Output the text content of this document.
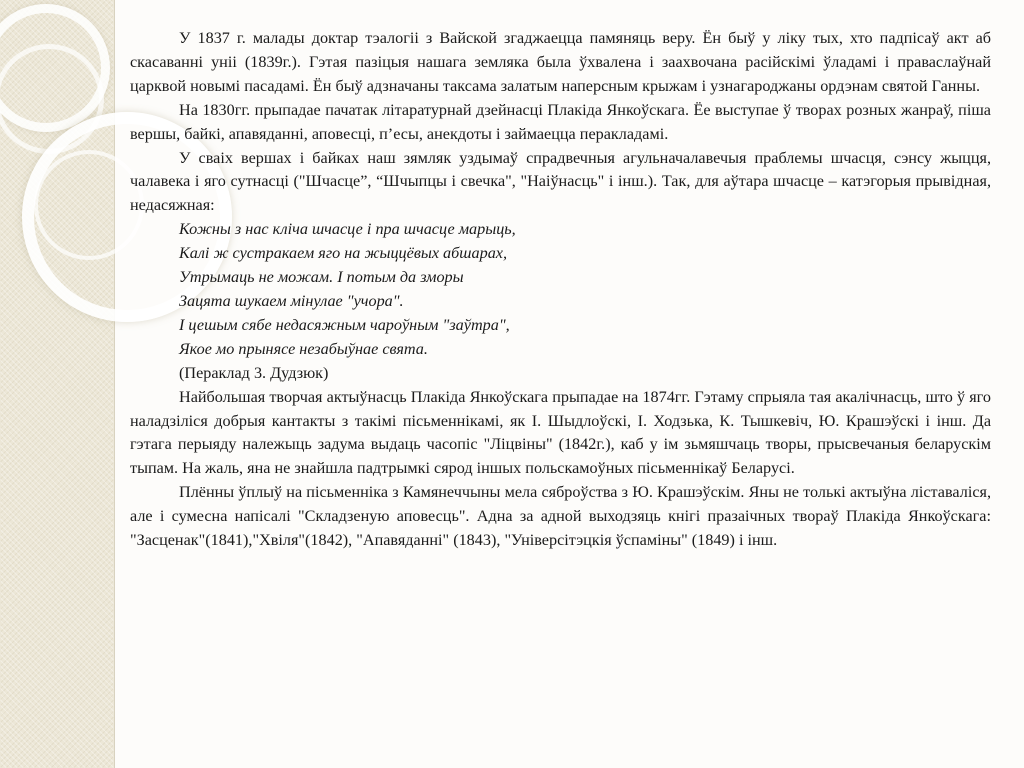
У 1837 г. малады доктар тэалогіі з Вайской згаджаецца памяняць веру. Ён быў у ліку тых, хто падпісаў акт аб скасаванні уніі (1839г.). Гэтая пазіцыя нашага земляка была ўхвалена і заахвочана расійскімі ўладамі і праваслаўнай царквой новымі пасадамі. Ён быў адзначаны таксама залатым наперсным крыжам і узнагароджаны ордэнам святой Ганны.

На 1830гг. прыпадае пачатак літаратурнай дзейнасці Плакіда Янкоўскага. Ёе выступае ў творах розных жанраў, піша вершы, байкі, апавяданні, аповесці, п’есы, анекдоты і займаецца перакладамі.

У сваіх вершах і байках наш зямляк уздымаў спрадвечныя агульначалавечыя праблемы шчасця, сэнсу жыцця, чалавека і яго сутнасці ("Шчасце”, “Шчыпцы і свечка", "Наіўнасць" і інш.). Так, для аўтара шчасце – катэгорыя прывідная, недасяжная:

Кожны з нас кліча шчасце і пра шчасце марыць,

Калі ж сустракаем яго на жыццёвых абшарах,

Утрымаць не можам. І потым да зморы

Зацята шукаем мінулае "учора".

І цешым сябе недасяжным чароўным "заўтра",

Якое мо прынясе незабыўнае свята.

(Пераклад 3. Дудзюк)

Найбольшая творчая актыўнасць Плакіда Янкоўскага прыпадае на 1874гг. Гэтаму спрыяла тая акалічнасць, што ў яго наладзіліся добрыя кантакты з такімі пісьменнікамі, як І. Шыдлоўскі, І. Ходзька, К. Тышкевіч, Ю. Крашэўскі і інш. Да гэтага перыяду належыць задума выдаць часопіс "Ліцвіны" (1842г.), каб у ім зьмяшчаць творы, прысвечаныя беларускім тыпам. На жаль, яна не знайшла падтрымкі сярод іншых польскамоўных пісьменнікаў Беларусі.

Плённы ўплыў на пісьменніка з Камянеччыны мела сяброўства з Ю. Крашэўскім. Яны не толькі актыўна ліставаліся, але і сумесна напісалі "Складзеную аповесць". Адна за адной выходзяць кнігі празаічных твораў Плакіда Янкоўскага: "Засценак"(1841),"Хвіля"(1842), "Апавяданні" (1843), "Універсітэцкія ўспаміны" (1849) і інш.
